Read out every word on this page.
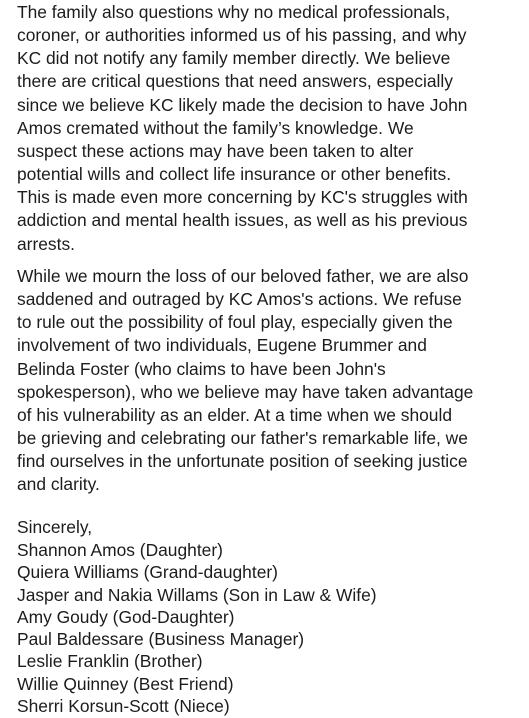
The family also questions why no medical professionals,
coroner, or authorities informed us of his passing, and why
KC did not notify any family member directly. We believe
there are critical questions that need answers, especially
since we believe KC likely made the decision to have John
Amos cremated without the family’s knowledge. We
suspect these actions may have been taken to alter
potential wills and collect life insurance or other benefits.
This is made even more concerning by KC's struggles with
addiction and mental health issues, as well as his previous
arrests.

While we mourn the loss of our beloved father, we are also
saddened and outraged by KC Amos's actions. We refuse
to rule out the possibility of foul play, especially given the
involvement of two individuals, Eugene Brummer and
Belinda Foster (who claims to have been John's
spokesperson), who we believe may have taken advantage
of his vulnerability as an elder. At a time when we should
be grieving and celebrating our father's remarkable life, we
find ourselves in the unfortunate position of seeking justice
and clarity.

Sincerely,
Shannon Amos (Daughter)
Quiera Williams (Grand-daughter)
Jasper and Nakia Willams (Son in Law & Wife)
Amy Goudy (God-Daughter)
Paul Baldessare (Business Manager)
Leslie Franklin (Brother)
Willie Quinney (Best Friend)
Sherri Korsun-Scott (Niece)
